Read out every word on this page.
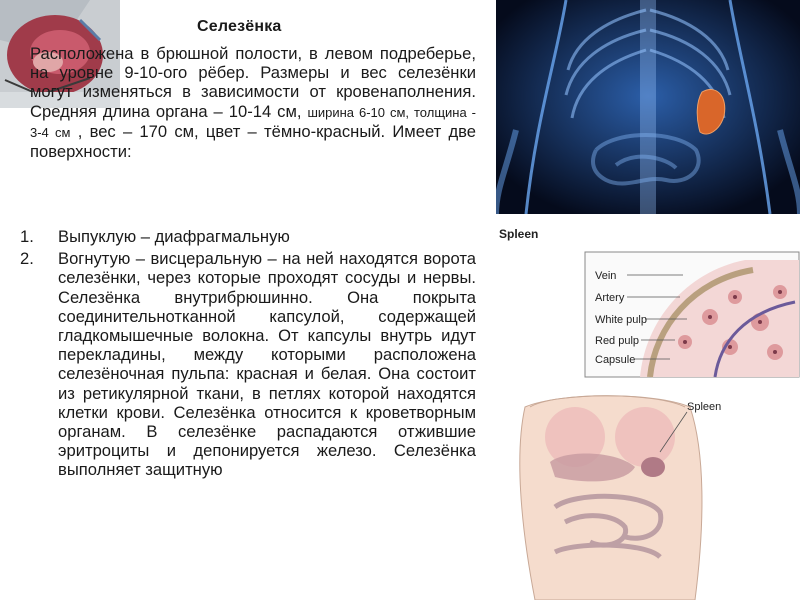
Селезёнка
Расположена в брюшной полости, в левом подреберье, на уровне 9-10-ого рёбер. Размеры и вес селезёнки могут изменяться в зависимости от кровенаполнения. Средняя длина органа – 10-14 см, ширина 6-10 см, толщина - 3-4 см , вес – 170 см, цвет – тёмно-красный. Имеет две поверхности:
1.	Выпуклую – диафрагмальную
2.	Вогнутую – висцеральную – на ней находятся ворота селезёнки, через которые проходят сосуды и нервы. Селезёнка внутрибрюшинно. Она покрыта соединительнотканной капсулой, содержащей гладкомышечные волокна. От капсулы внутрь идут перекладины, между которыми расположена селезёночная пульпа: красная и белая. Она состоит из ретикулярной ткани, в петлях которой находятся клетки крови. Селезёнка относится к кроветворным органам. В селезёнке распадаются отжившие эритроциты и депонируется железо. Селезёнка выполняет защитную
Spleen
Vein
Artery
White pulp
Red pulp
Capsule
Spleen
